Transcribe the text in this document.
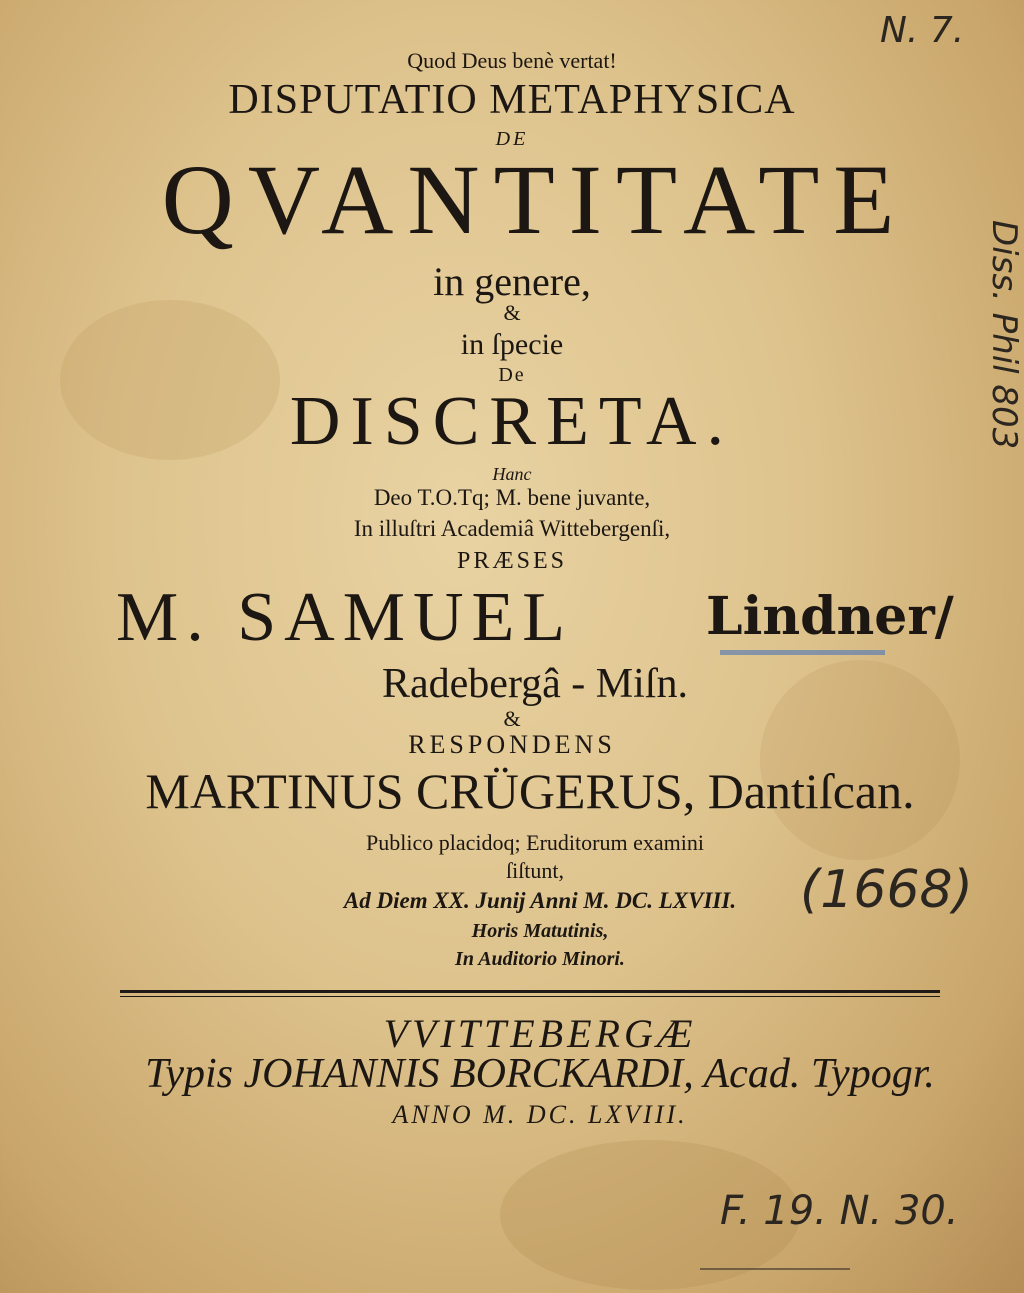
Quod Deus benè vertat!
DISPUTATIO METAPHYSICA
DE
QVANTITATE
in genere,
&
in ſpecie
De
DISCRETA.
Hanc
Deo T.O.Tq; M. bene juvante,
In illuſtri Academiâ Wittebergenſi,
PRÆSES
M. SAMUEL	Lindner/
Radebergâ - Miſn.
&
RESPONDENS
MARTINUS CRÜGERUS, Dantiſcan.
Publico placidoq; Eruditorum examini
ſiſtunt,
Ad Diem XX. Junij Anni M. DC. LXVIII.
Horis Matutinis,
In Auditorio Minori.
VVITTEBERGÆ
Typis JOHANNIS BORCKARDI, Acad. Typogr.
ANNO M. DC. LXVIII.
N. 7.
Diss. Phil 803
(1668)
F. 19. N. 30.
